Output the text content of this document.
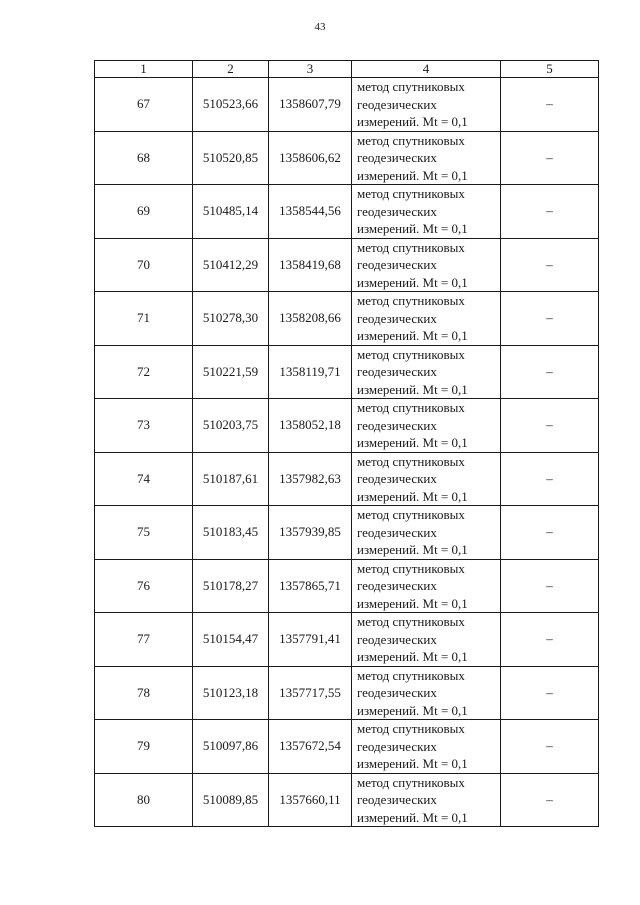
43
1	2	3	4	5
67	510523,66	1358607,79	метод спутниковых
геодезических
измерений. Mt = 0,1	–
68	510520,85	1358606,62	метод спутниковых
геодезических
измерений. Mt = 0,1	–
69	510485,14	1358544,56	метод спутниковых
геодезических
измерений. Mt = 0,1	–
70	510412,29	1358419,68	метод спутниковых
геодезических
измерений. Mt = 0,1	–
71	510278,30	1358208,66	метод спутниковых
геодезических
измерений. Mt = 0,1	–
72	510221,59	1358119,71	метод спутниковых
геодезических
измерений. Mt = 0,1	–
73	510203,75	1358052,18	метод спутниковых
геодезических
измерений. Mt = 0,1	–
74	510187,61	1357982,63	метод спутниковых
геодезических
измерений. Mt = 0,1	–
75	510183,45	1357939,85	метод спутниковых
геодезических
измерений. Mt = 0,1	–
76	510178,27	1357865,71	метод спутниковых
геодезических
измерений. Mt = 0,1	–
77	510154,47	1357791,41	метод спутниковых
геодезических
измерений. Mt = 0,1	–
78	510123,18	1357717,55	метод спутниковых
геодезических
измерений. Mt = 0,1	–
79	510097,86	1357672,54	метод спутниковых
геодезических
измерений. Mt = 0,1	–
80	510089,85	1357660,11	метод спутниковых
геодезических
измерений. Mt = 0,1	–
